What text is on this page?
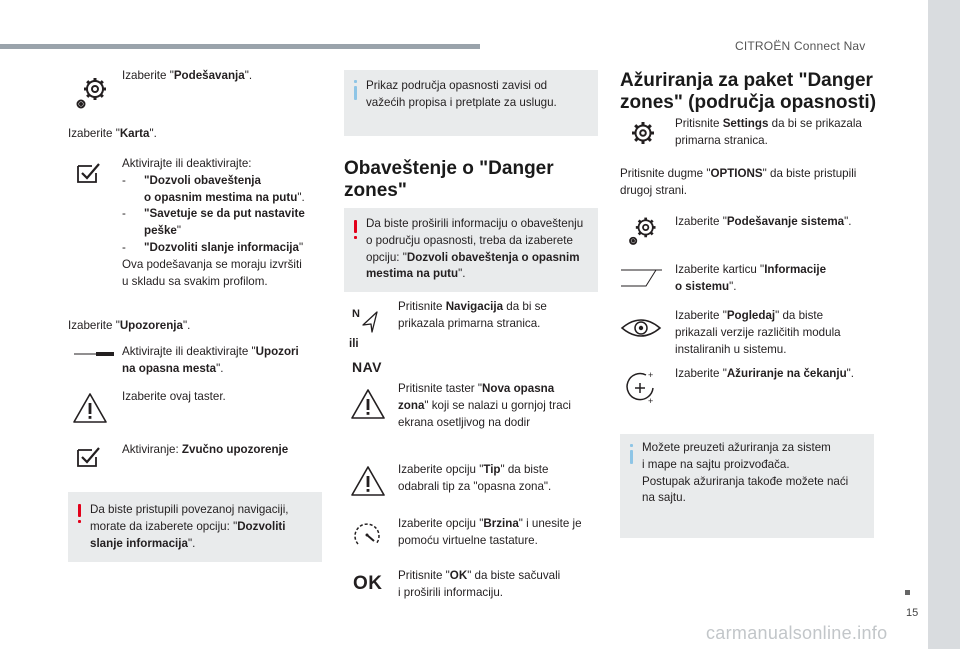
CITROËN Connect Nav
15
carmanualsonline.info
Izaberite "Podešavanja".
Izaberite "Karta".
Aktivirajte ili deaktivirajte:
- "Dozvoli obaveštenja
o opasnim mestima na putu".
- "Savetuje se da put nastavite
peške"
- "Dozvoliti slanje informacija"
Ova podešavanja se moraju izvršiti
u skladu sa svakim profilom.
Izaberite "Upozorenja".
Aktivirajte ili deaktivirajte "Upozori
na opasna mesta".
Izaberite ovaj taster.
Aktiviranje: Zvučno upozorenje
Da biste pristupili povezanoj navigaciji,
morate da izaberete opciju: "Dozvoliti
slanje informacija".
Prikaz područja opasnosti zavisi od
važećih propisa i pretplate za uslugu.
Obaveštenje o "Danger
zones"
Da biste proširili informaciju o obaveštenju
o području opasnosti, treba da izaberete
opciju: "Dozvoli obaveštenja o opasnim
mestima na putu".
N
ili
NAV
Pritisnite Navigacija da bi se
prikazala primarna stranica.
Pritisnite taster "Nova opasna
zona" koji se nalazi u gornjoj traci
ekrana osetljivog na dodir
Izaberite opciju "Tip" da biste
odabrali tip za "opasna zona".
Izaberite opciju "Brzina" i unesite je
pomoću virtuelne tastature.
OK Pritisnite "OK" da biste sačuvali
i proširili informaciju.
Ažuriranja za paket "Danger
zones" (područja opasnosti)
Pritisnite Settings da bi se prikazala
primarna stranica.
Pritisnite dugme "OPTIONS" da biste pristupili
drugoj strani.
Izaberite "Podešavanje sistema".
Izaberite karticu "Informacije
o sistemu".
Izaberite "Pogledaj" da biste
prikazali verzije različitih modula
instaliranih u sistemu.
+
+
Izaberite "Ažuriranje na čekanju".
Možete preuzeti ažuriranja za sistem
i mape na sajtu proizvođača.
Postupak ažuriranja takođe možete naći
na sajtu.
